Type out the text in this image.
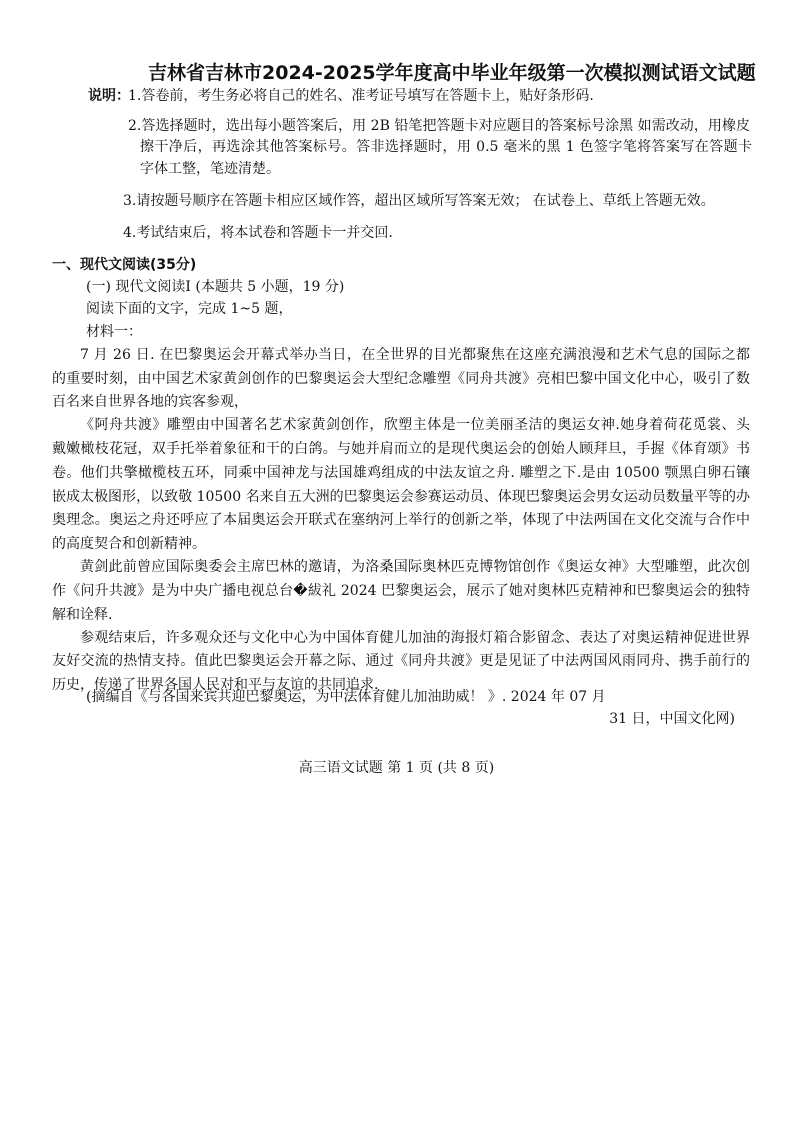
吉林省吉林市2024-2025学年度高中毕业年级第一次模拟测试语文试题
说明：
1.答卷前，考生务必将自己的姓名、准考证号填写在答题卡上，贴好条形码.
2.答选择题时，选出每小题答案后，用 2B 铅笔把答题卡对应题目的答案标号涂黑 如需改动，用橡皮
擦干净后，再选涂其他答案标号。答非选择题时，用 0.5 毫米的黑 1 色签字笔将答案写在答题卡
字体工整，笔迹清楚。
3.请按题号顺序在答题卡相应区域作答，超出区域所写答案无效； 在试卷上、草纸上答题无效。
4.考试结束后，将本试卷和答题卡一并交回.
一、现代文阅读(35分)
(一) 现代文阅读Ⅰ (本题共 5 小题，19 分)
阅读下面的文字，完成 1~5 题，
材料一：
7 月 26 日. 在巴黎奥运会开幕式举办当日，在全世界的目光都聚焦在这座充满浪漫和艺术气息的国际之都
的重要时刻，由中国艺术家黄剑创作的巴黎奥运会大型纪念雕塑《同舟共渡》亮相巴黎中国文化中心，吸引了数
百名来自世界各地的宾客参观，
《阿舟共渡》雕塑由中国著名艺术家黄剑创作，欣塑主体是一位美丽圣洁的奥运女神.她身着荷花觅裳、头
戴嫩橄枝花冠，双手托举着象征和干的白鸽。与她并肩而立的是现代奥运会的创始人顾拜旦，手握《体育颂》书
卷。他们共擎橄榄枝五环，同乘中国神龙与法国雄鸡组成的中法友谊之舟. 雕塑之下.是由 10500 颚黑白卵石镶
嵌成太极图形，以致敬 10500 名来自五大洲的巴黎奥运会参赛运动员、体现巴黎奥运会男女运动员数量平等的办
奥理念。奥运之舟还呼应了本届奥运会开联式在塞纳河上举行的创新之举，体现了中法两国在文化交流与合作中
的高度契合和创新精神。
黄剑此前曾应国际奥委会主席巴林的邀请，为洛桑国际奥林匹克博物馆创作《奥运女神》大型雕塑，此次创
作《问升共渡》是为中央广播电视总台�紱礼 2024 巴黎奥运会，展示了她对奥林匹克精神和巴黎奥运会的独特
解和诠释.
参观结束后，许多观众还与文化中心为中国体育健儿加油的海报灯箱合影留念、表达了对奥运精神促进世界
友好交流的热情支持。值此巴黎奥运会开幕之际、通过《同舟共渡》更是见证了中法两国风雨同舟、携手前行的
历史，传递了世界各国人民对和平与友谊的共同追求.
(摘编自《与各国来宾共迎巴黎奥运，为中法体育健儿加油助威！ 》. 2024 年 07 月
31 日，中国文化网)
高三语文试题 第 1 页 (共 8 页)
